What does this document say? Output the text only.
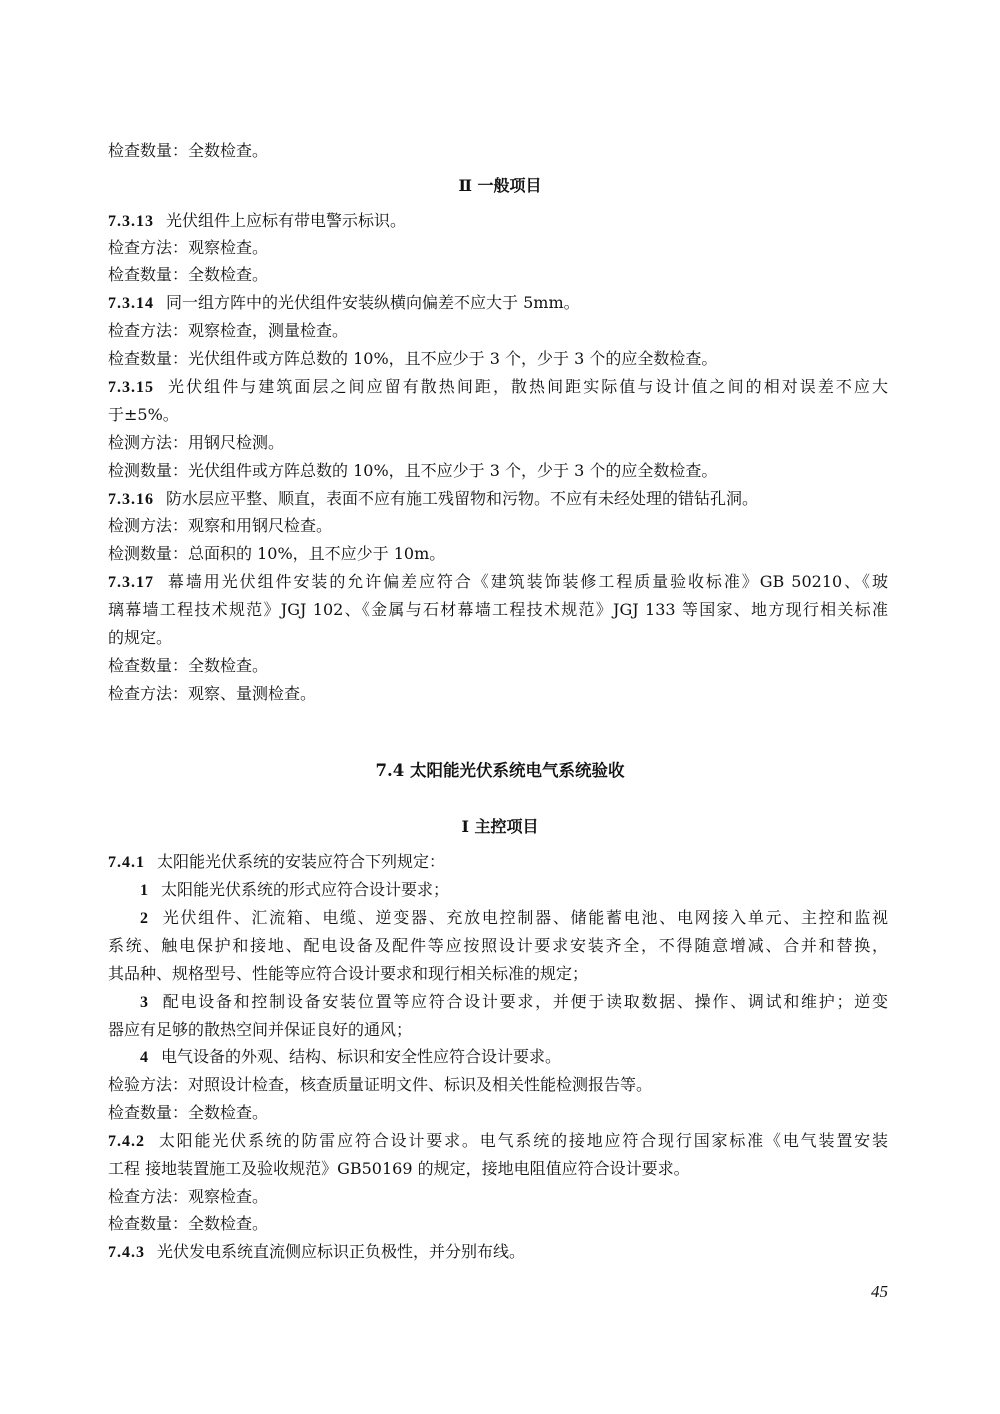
检查数量：全数检查。
Ⅱ 一般项目
7.3.13 光伏组件上应标有带电警示标识。
检查方法：观察检查。
检查数量：全数检查。
7.3.14 同一组方阵中的光伏组件安装纵横向偏差不应大于 5mm。
检查方法：观察检查，测量检查。
检查数量：光伏组件或方阵总数的 10%，且不应少于 3 个，少于 3 个的应全数检查。
7.3.15 光伏组件与建筑面层之间应留有散热间距，散热间距实际值与设计值之间的相对误差不应大
于±5%。
检测方法：用钢尺检测。
检测数量：光伏组件或方阵总数的 10%，且不应少于 3 个，少于 3 个的应全数检查。
7.3.16 防水层应平整、顺直，表面不应有施工残留物和污物。不应有未经处理的错钻孔洞。
检测方法：观察和用钢尺检查。
检测数量：总面积的 10%，且不应少于 10m。
7.3.17 幕墙用光伏组件安装的允许偏差应符合《建筑装饰装修工程质量验收标准》GB 50210、《玻
璃幕墙工程技术规范》JGJ 102、《金属与石材幕墙工程技术规范》JGJ 133 等国家、地方现行相关标准
的规定。
检查数量：全数检查。
检查方法：观察、量测检查。
7.4 太阳能光伏系统电气系统验收
Ⅰ 主控项目
7.4.1 太阳能光伏系统的安装应符合下列规定：
1 太阳能光伏系统的形式应符合设计要求；
2 光伏组件、汇流箱、电缆、逆变器、充放电控制器、储能蓄电池、电网接入单元、主控和监视
系统、触电保护和接地、配电设备及配件等应按照设计要求安装齐全，不得随意增减、合并和替换，
其品种、规格型号、性能等应符合设计要求和现行相关标准的规定；
3 配电设备和控制设备安装位置等应符合设计要求，并便于读取数据、操作、调试和维护；逆变
器应有足够的散热空间并保证良好的通风；
4 电气设备的外观、结构、标识和安全性应符合设计要求。
检验方法：对照设计检查，核查质量证明文件、标识及相关性能检测报告等。
检查数量：全数检查。
7.4.2 太阳能光伏系统的防雷应符合设计要求。电气系统的接地应符合现行国家标准《电气装置安装
工程 接地装置施工及验收规范》GB50169 的规定，接地电阻值应符合设计要求。
检查方法：观察检查。
检查数量：全数检查。
7.4.3 光伏发电系统直流侧应标识正负极性，并分别布线。
45
